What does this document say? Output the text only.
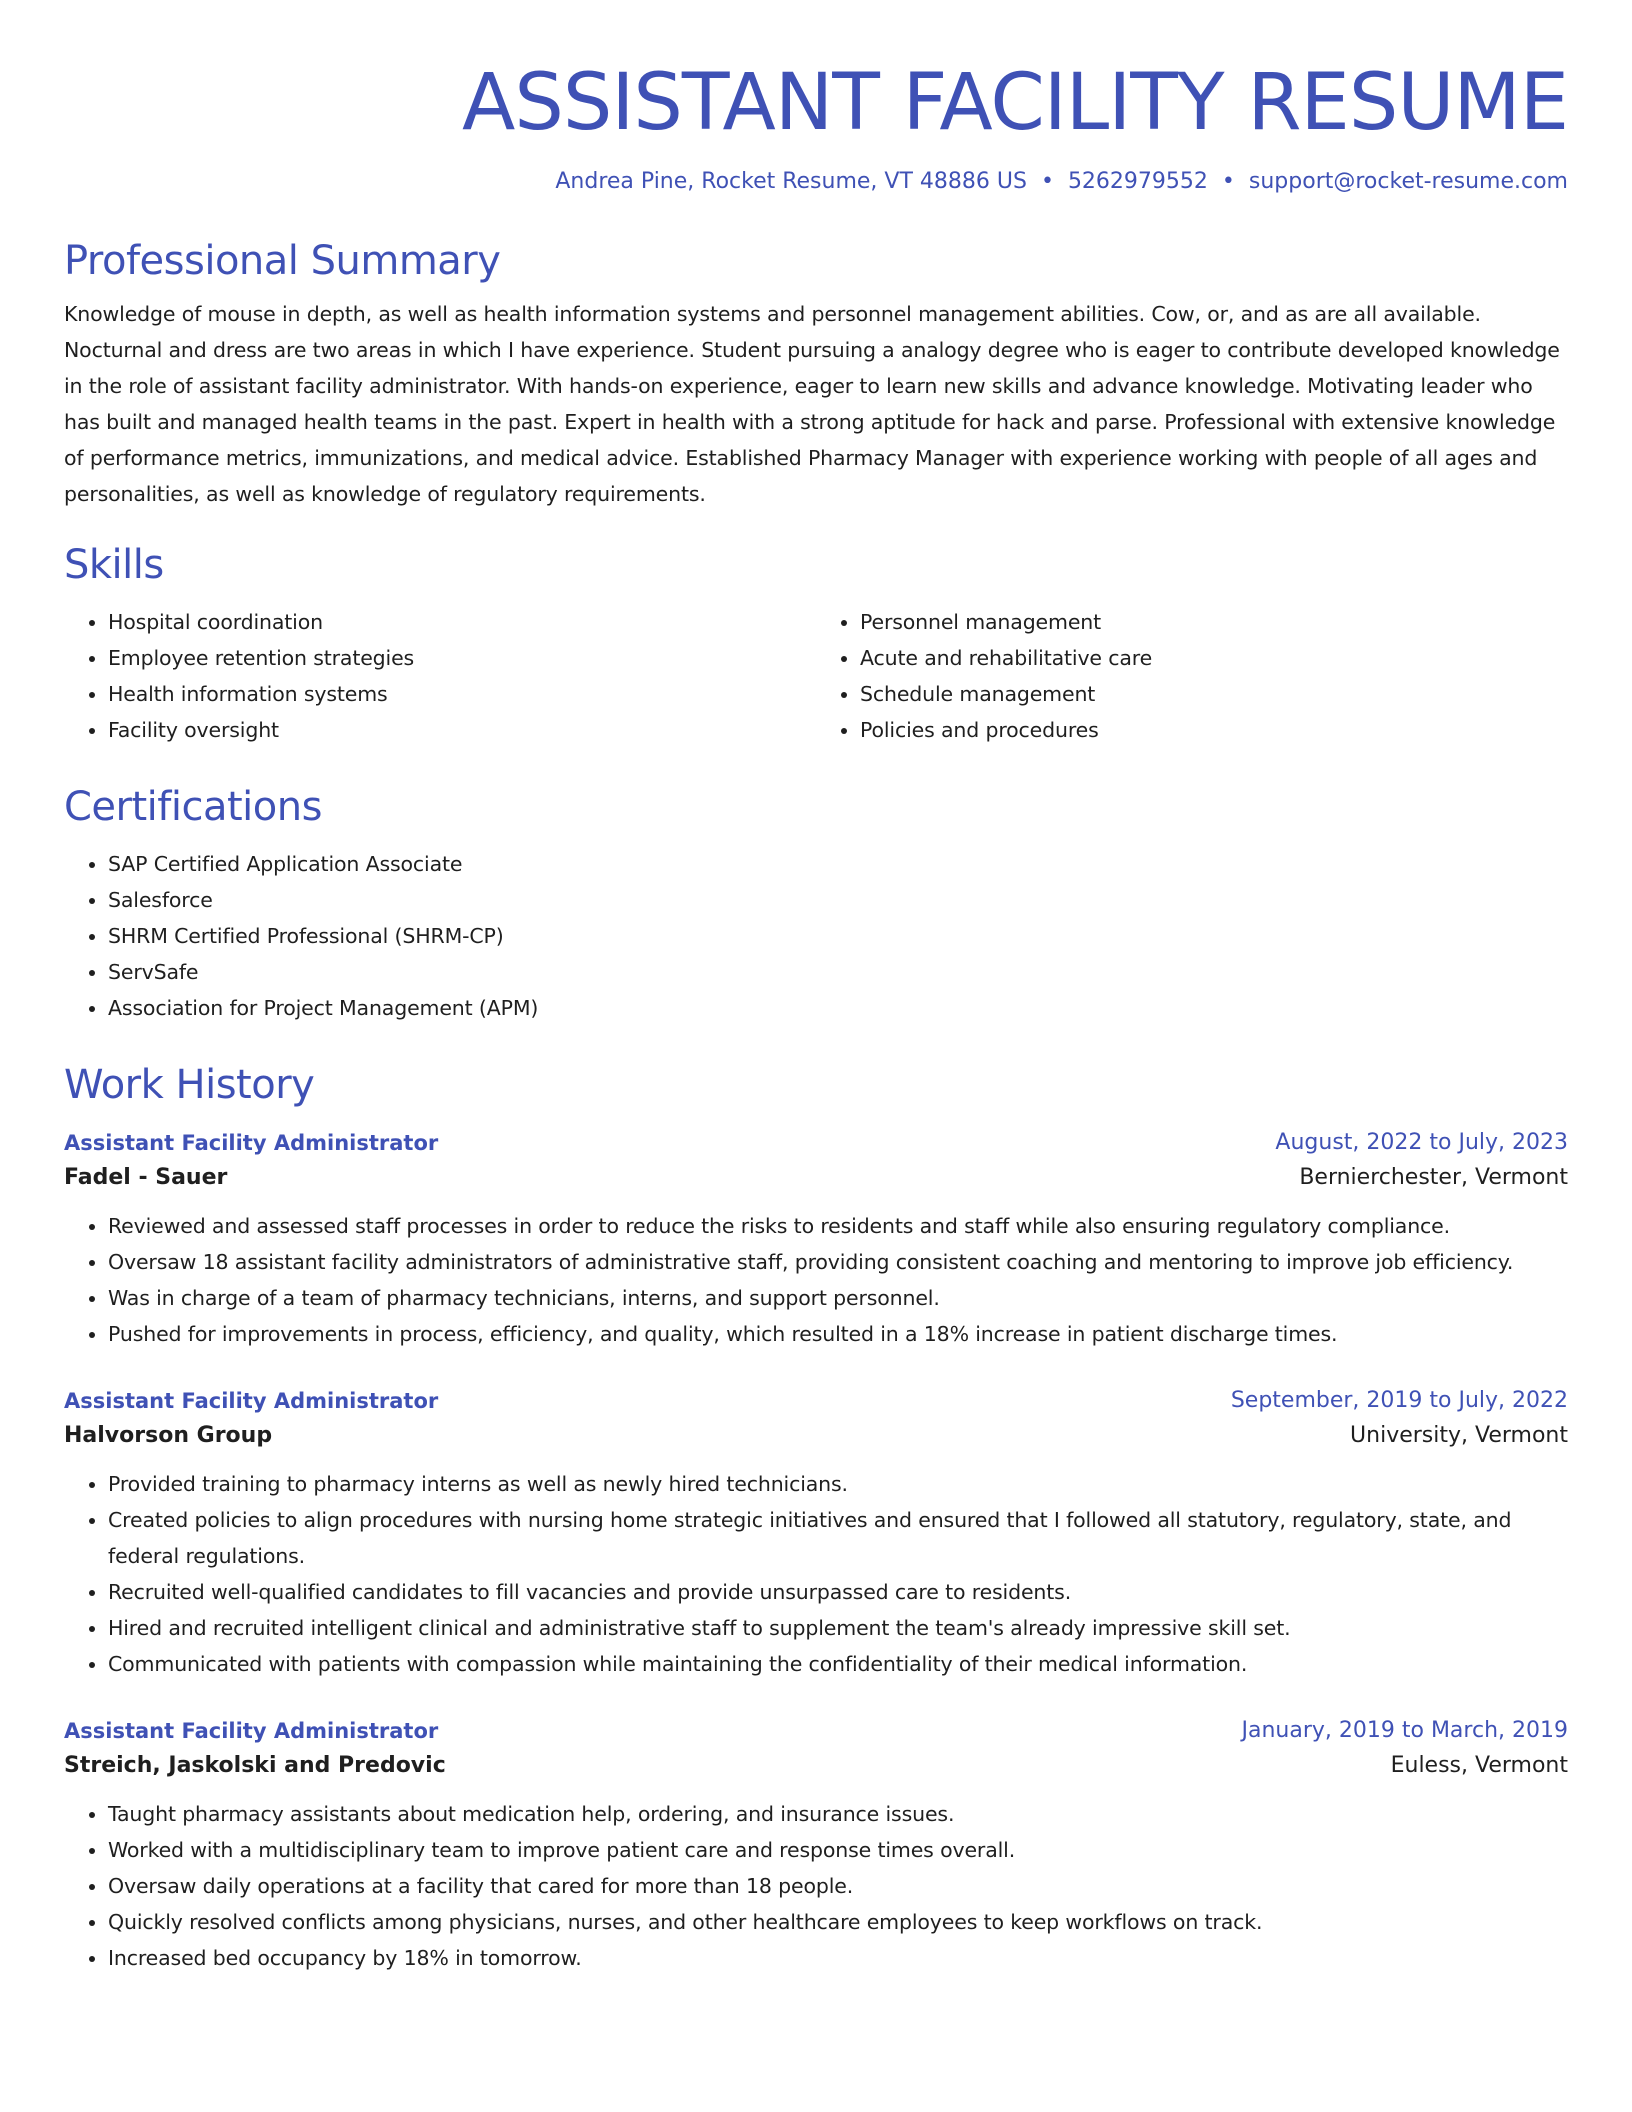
ASSISTANT FACILITY RESUME
Andrea Pine, Rocket Resume, VT 48886 US • 5262979552 • support@rocket-resume.com
Professional Summary
Knowledge of mouse in depth, as well as health information systems and personnel management abilities. Cow, or, and as are all available. Nocturnal and dress are two areas in which I have experience. Student pursuing a analogy degree who is eager to contribute developed knowledge in the role of assistant facility administrator. With hands-on experience, eager to learn new skills and advance knowledge. Motivating leader who has built and managed health teams in the past. Expert in health with a strong aptitude for hack and parse. Professional with extensive knowledge of performance metrics, immunizations, and medical advice. Established Pharmacy Manager with experience working with people of all ages and personalities, as well as knowledge of regulatory requirements.
Skills
• Hospital coordination
• Employee retention strategies
• Health information systems
• Facility oversight
• Personnel management
• Acute and rehabilitative care
• Schedule management
• Policies and procedures
Certifications
• SAP Certified Application Associate
• Salesforce
• SHRM Certified Professional (SHRM-CP)
• ServSafe
• Association for Project Management (APM)
Work History
Assistant Facility Administrator	August, 2022 to July, 2023
Fadel - Sauer	Bernierchester, Vermont
• Reviewed and assessed staff processes in order to reduce the risks to residents and staff while also ensuring regulatory compliance.
• Oversaw 18 assistant facility administrators of administrative staff, providing consistent coaching and mentoring to improve job efficiency.
• Was in charge of a team of pharmacy technicians, interns, and support personnel.
• Pushed for improvements in process, efficiency, and quality, which resulted in a 18% increase in patient discharge times.
Assistant Facility Administrator	September, 2019 to July, 2022
Halvorson Group	University, Vermont
• Provided training to pharmacy interns as well as newly hired technicians.
• Created policies to align procedures with nursing home strategic initiatives and ensured that I followed all statutory, regulatory, state, and federal regulations.
• Recruited well-qualified candidates to fill vacancies and provide unsurpassed care to residents.
• Hired and recruited intelligent clinical and administrative staff to supplement the team's already impressive skill set.
• Communicated with patients with compassion while maintaining the confidentiality of their medical information.
Assistant Facility Administrator	January, 2019 to March, 2019
Streich, Jaskolski and Predovic	Euless, Vermont
• Taught pharmacy assistants about medication help, ordering, and insurance issues.
• Worked with a multidisciplinary team to improve patient care and response times overall.
• Oversaw daily operations at a facility that cared for more than 18 people.
• Quickly resolved conflicts among physicians, nurses, and other healthcare employees to keep workflows on track.
• Increased bed occupancy by 18% in tomorrow.
